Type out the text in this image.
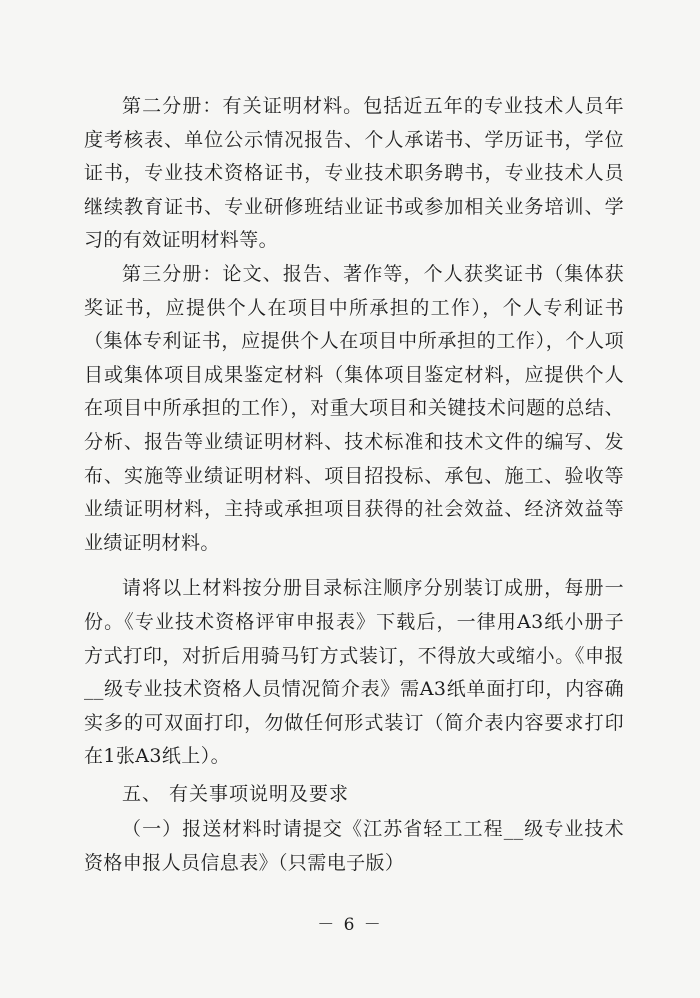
第二分册：有关证明材料。包括近五年的专业技术人员年度考核表、单位公示情况报告、个人承诺书、学历证书，学位证书，专业技术资格证书，专业技术职务聘书，专业技术人员继续教育证书、专业研修班结业证书或参加相关业务培训、学习的有效证明材料等。

第三分册：论文、报告、著作等，个人获奖证书（集体获奖证书，应提供个人在项目中所承担的工作），个人专利证书（集体专利证书，应提供个人在项目中所承担的工作），个人项目或集体项目成果鉴定材料（集体项目鉴定材料，应提供个人在项目中所承担的工作），对重大项目和关键技术问题的总结、分析、报告等业绩证明材料、技术标准和技术文件的编写、发布、实施等业绩证明材料、项目招投标、承包、施工、验收等业绩证明材料，主持或承担项目获得的社会效益、经济效益等业绩证明材料。

请将以上材料按分册目录标注顺序分别装订成册，每册一份。《专业技术资格评审申报表》下载后，一律用A3纸小册子方式打印，对折后用骑马钉方式装订，不得放大或缩小。《申报__级专业技术资格人员情况简介表》需A3纸单面打印，内容确实多的可双面打印，勿做任何形式装订（简介表内容要求打印在1张A3纸上）。

五、 有关事项说明及要求

（一）报送材料时请提交《江苏省轻工工程__级专业技术资格申报人员信息表》（只需电子版）

－ 6 －
